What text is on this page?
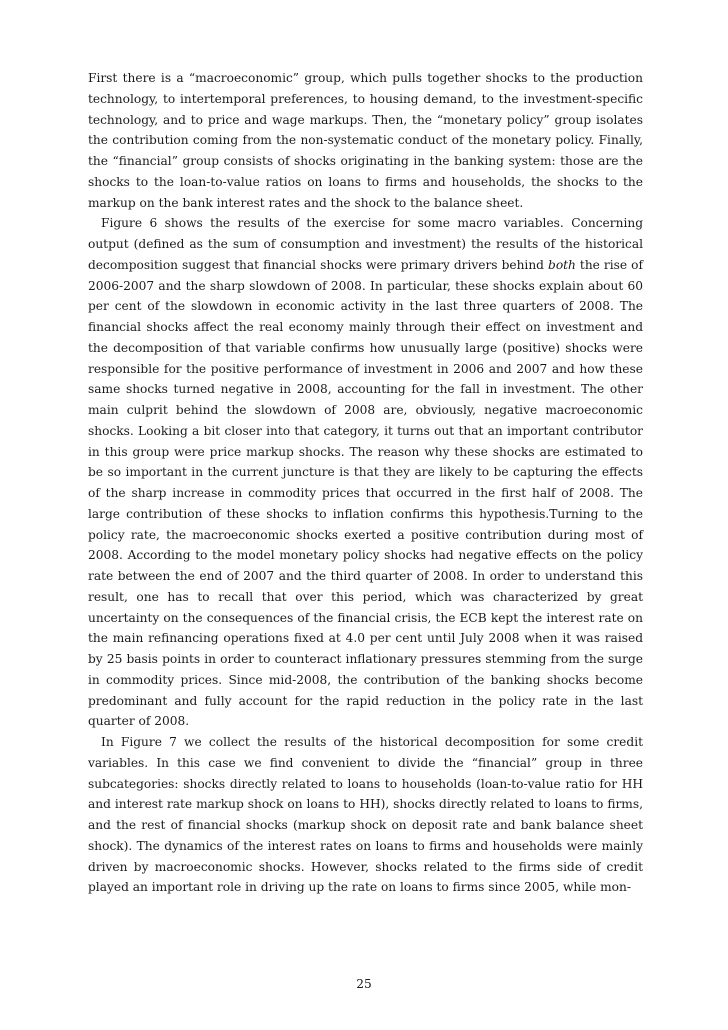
First there is a “macroeconomic” group, which pulls together shocks to the production technology, to intertemporal preferences, to housing demand, to the investment-specific technology, and to price and wage markups. Then, the “monetary policy” group isolates the contribution coming from the non-systematic conduct of the monetary policy. Finally, the “financial” group consists of shocks originating in the banking system: those are the shocks to the loan-to-value ratios on loans to firms and households, the shocks to the markup on the bank interest rates and the shock to the balance sheet.

Figure 6 shows the results of the exercise for some macro variables. Concerning output (defined as the sum of consumption and investment) the results of the historical decomposition suggest that financial shocks were primary drivers behind both the rise of 2006-2007 and the sharp slowdown of 2008. In particular, these shocks explain about 60 per cent of the slowdown in economic activity in the last three quarters of 2008. The financial shocks affect the real economy mainly through their effect on investment and the decomposition of that variable confirms how unusually large (positive) shocks were responsible for the positive performance of investment in 2006 and 2007 and how these same shocks turned negative in 2008, accounting for the fall in investment. The other main culprit behind the slowdown of 2008 are, obviously, negative macroeconomic shocks. Looking a bit closer into that category, it turns out that an important contributor in this group were price markup shocks. The reason why these shocks are estimated to be so important in the current juncture is that they are likely to be capturing the effects of the sharp increase in commodity prices that occurred in the first half of 2008. The large contribution of these shocks to inflation confirms this hypothesis.Turning to the policy rate, the macroeconomic shocks exerted a positive contribution during most of 2008. According to the model monetary policy shocks had negative effects on the policy rate between the end of 2007 and the third quarter of 2008. In order to understand this result, one has to recall that over this period, which was characterized by great uncertainty on the consequences of the financial crisis, the ECB kept the interest rate on the main refinancing operations fixed at 4.0 per cent until July 2008 when it was raised by 25 basis points in order to counteract inflationary pressures stemming from the surge in commodity prices. Since mid-2008, the contribution of the banking shocks become predominant and fully account for the rapid reduction in the policy rate in the last quarter of 2008.

In Figure 7 we collect the results of the historical decomposition for some credit variables. In this case we find convenient to divide the “financial” group in three subcategories: shocks directly related to loans to households (loan-to-value ratio for HH and interest rate markup shock on loans to HH), shocks directly related to loans to firms, and the rest of financial shocks (markup shock on deposit rate and bank balance sheet shock). The dynamics of the interest rates on loans to firms and households were mainly driven by macroeconomic shocks. However, shocks related to the firms side of credit played an important role in driving up the rate on loans to firms since 2005, while mon-

25
